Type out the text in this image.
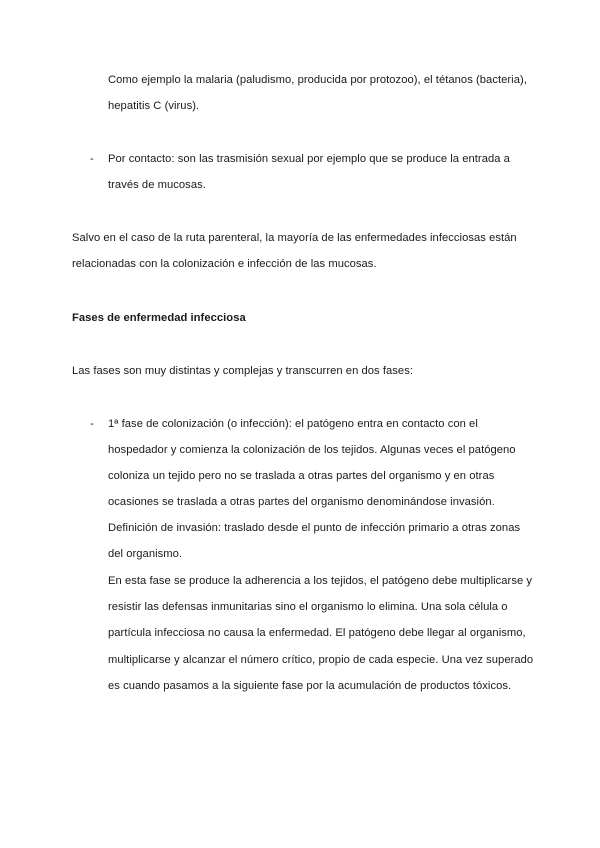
Como ejemplo la malaria (paludismo, producida por protozoo), el tétanos (bacteria),
hepatitis C (virus).
- Por contacto: son las trasmisión sexual por ejemplo que se produce la entrada a
través de mucosas.
Salvo en el caso de la ruta parenteral, la mayoría de las enfermedades infecciosas están
relacionadas con la colonización e infección de las mucosas.
Fases de enfermedad infecciosa
Las fases son muy distintas y complejas y transcurren en dos fases:
- 1ª fase de colonización (o infección): el patógeno entra en contacto con el
hospedador y comienza la colonización de los tejidos. Algunas veces el patógeno
coloniza un tejido pero no se traslada a otras partes del organismo y en otras
ocasiones se traslada a otras partes del organismo denominándose invasión.
Definición de invasión: traslado desde el punto de infección primario a otras zonas
del organismo.
En esta fase se produce la adherencia a los tejidos, el patógeno debe multiplicarse y
resistir las defensas inmunitarias sino el organismo lo elimina. Una sola célula o
partícula infecciosa no causa la enfermedad. El patógeno debe llegar al organismo,
multiplicarse y alcanzar el número crítico, propio de cada especie. Una vez superado
es cuando pasamos a la siguiente fase por la acumulación de productos tóxicos.
